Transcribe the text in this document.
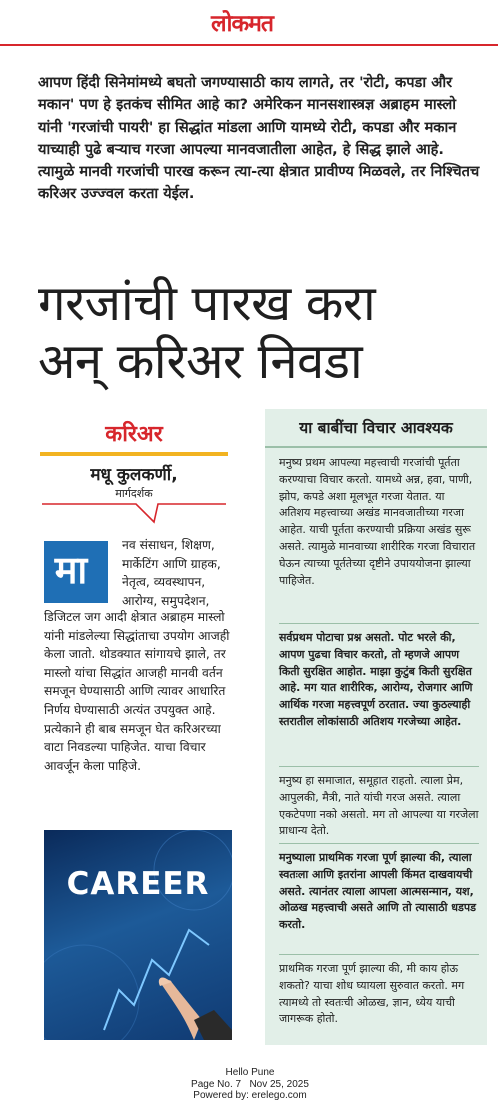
लोकमत

आपण हिंदी सिनेमांमध्ये बघतो जगण्यासाठी काय लागते, तर 'रोटी, कपडा और मकान' पण हे इतकंच सीमित आहे का? अमेरिकन मानसशास्त्रज्ञ अब्राहम मास्लो यांनी 'गरजांची पायरी' हा सिद्धांत मांडला आणि यामध्ये रोटी, कपडा और मकान याच्याही पुढे बऱ्याच गरजा आपल्या मानवजातीला आहेत, हे सिद्ध झाले आहे. त्यामुळे मानवी गरजांची पारख करून त्या-त्या क्षेत्रात प्रावीण्य मिळवले, तर निश्चितच करिअर उज्ज्वल करता येईल.

गरजांची पारख करा
अन् करिअर निवडा
करिअर
मधू कुलकर्णी,
मार्गदर्शक
मा

नव संसाधन, शिक्षण, मार्केटिंग आणि ग्राहक, नेतृत्व, व्यवस्थापन, आरोग्य, समुपदेशन,

डिजिटल जग आदी क्षेत्रात अब्राहम मास्लो यांनी मांडलेल्या सिद्धांताचा उपयोग आजही केला जातो. थोडक्यात सांगायचे झाले, तर मास्लो यांचा सिद्धांत आजही मानवी वर्तन समजून घेण्यासाठी आणि त्यावर आधारित निर्णय घेण्यासाठी अत्यंत उपयुक्त आहे. प्रत्येकाने ही बाब समजून घेत करिअरच्या वाटा निवडल्या पाहिजेत. याचा विचार आवर्जून केला पाहिजे.

CAREER
या बाबींचा विचार आवश्यक

मनुष्य प्रथम आपल्या महत्त्वाची गरजांची पूर्तता करण्याचा विचार करतो. यामध्ये अन्न, हवा, पाणी, झोप, कपडे अशा मूलभूत गरजा येतात. या अतिशय महत्त्वाच्या अखंड मानवजातीच्या गरजा आहेत. याची पूर्तता करण्याची प्रक्रिया अखंड सुरू असते. त्यामुळे मानवाच्या शारीरिक गरजा विचारात घेऊन त्याच्या पूर्ततेच्या दृष्टीने उपाययोजना झाल्या पाहिजेत.

सर्वप्रथम पोटाचा प्रश्न असतो. पोट भरले की, आपण पुढचा विचार करतो, तो म्हणजे आपण किती सुरक्षित आहोत. माझा कुटुंब किती सुरक्षित आहे. मग यात शारीरिक, आरोग्य, रोजगार आणि आर्थिक गरजा महत्त्वपूर्ण ठरतात. ज्या कुठल्याही स्तरातील लोकांसाठी अतिशय गरजेच्या आहेत.

मनुष्य हा समाजात, समूहात राहतो. त्याला प्रेम, आपुलकी, मैत्री, नाते यांची गरज असते. त्याला एकटेपणा नको असतो. मग तो आपल्या या गरजेला प्राधान्य देतो.

मनुष्याला प्राथमिक गरजा पूर्ण झाल्या की, त्याला स्वतःला आणि इतरांना आपली किंमत दाखवायची असते. त्यानंतर त्याला आपला आत्मसन्मान, यश, ओळख महत्त्वाची असते आणि तो त्यासाठी धडपड करतो.

प्राथमिक गरजा पूर्ण झाल्या की, मी काय होऊ शकतो? याचा शोध घ्यायला सुरुवात करतो. मग त्यामध्ये तो स्वतःची ओळख, ज्ञान, ध्येय याची जागरूक होतो.

Hello Pune
Page No. 7 Nov 25, 2025
Powered by: erelego.com
